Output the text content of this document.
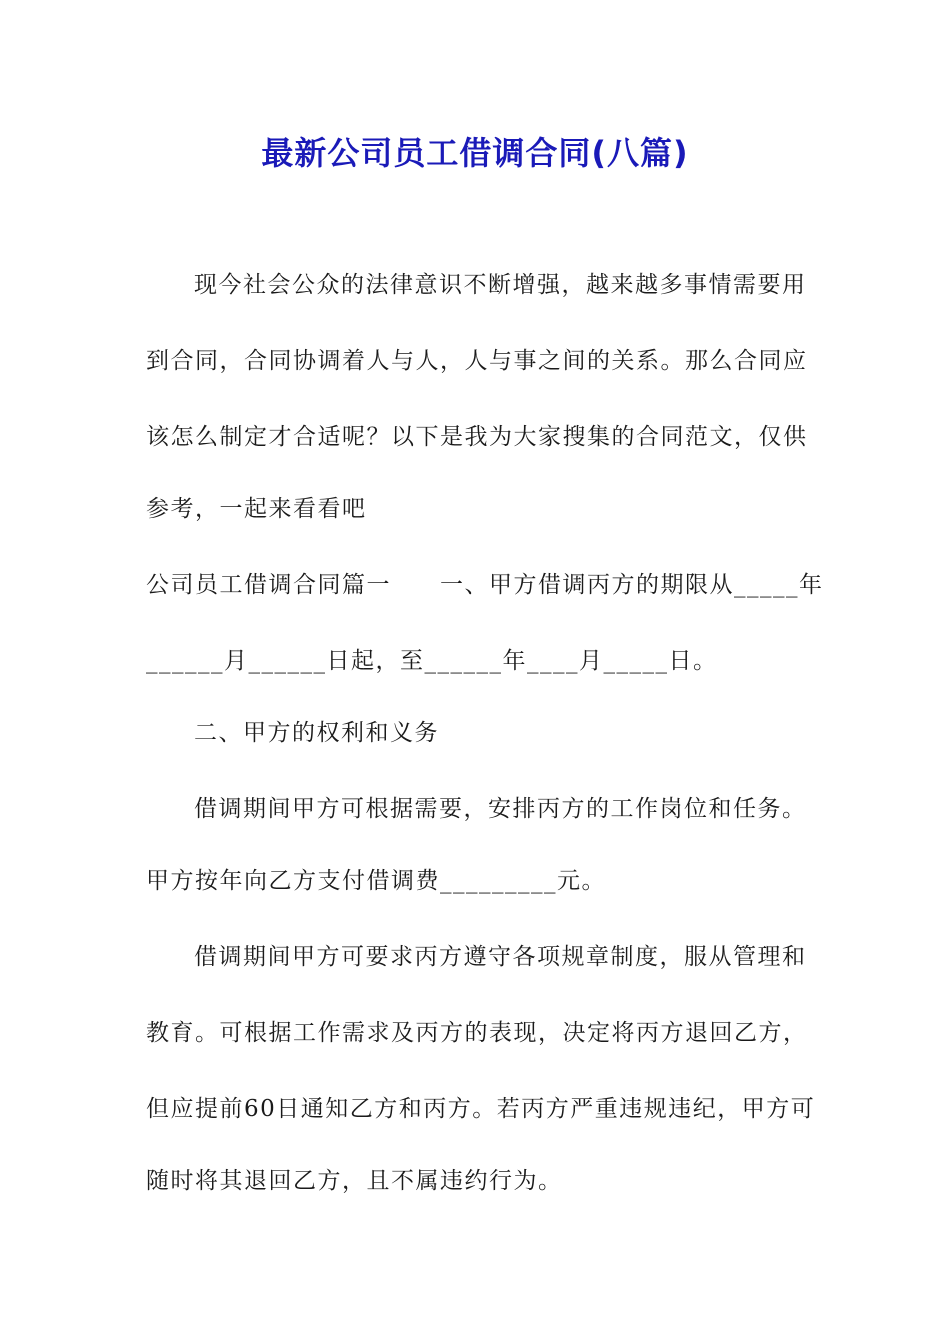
最新公司员工借调合同(八篇)

现今社会公众的法律意识不断增强，越来越多事情需要用

到合同，合同协调着人与人，人与事之间的关系。那么合同应

该怎么制定才合适呢？以下是我为大家搜集的合同范文，仅供

参考，一起来看看吧

公司员工借调合同篇一　　一、甲方借调丙方的期限从_____年

______月______日起，至______年____月_____日。

二、甲方的权利和义务

借调期间甲方可根据需要，安排丙方的工作岗位和任务。

甲方按年向乙方支付借调费_________元。

借调期间甲方可要求丙方遵守各项规章制度，服从管理和

教育。可根据工作需求及丙方的表现，决定将丙方退回乙方，

但应提前60日通知乙方和丙方。若丙方严重违规违纪，甲方可

随时将其退回乙方，且不属违约行为。
